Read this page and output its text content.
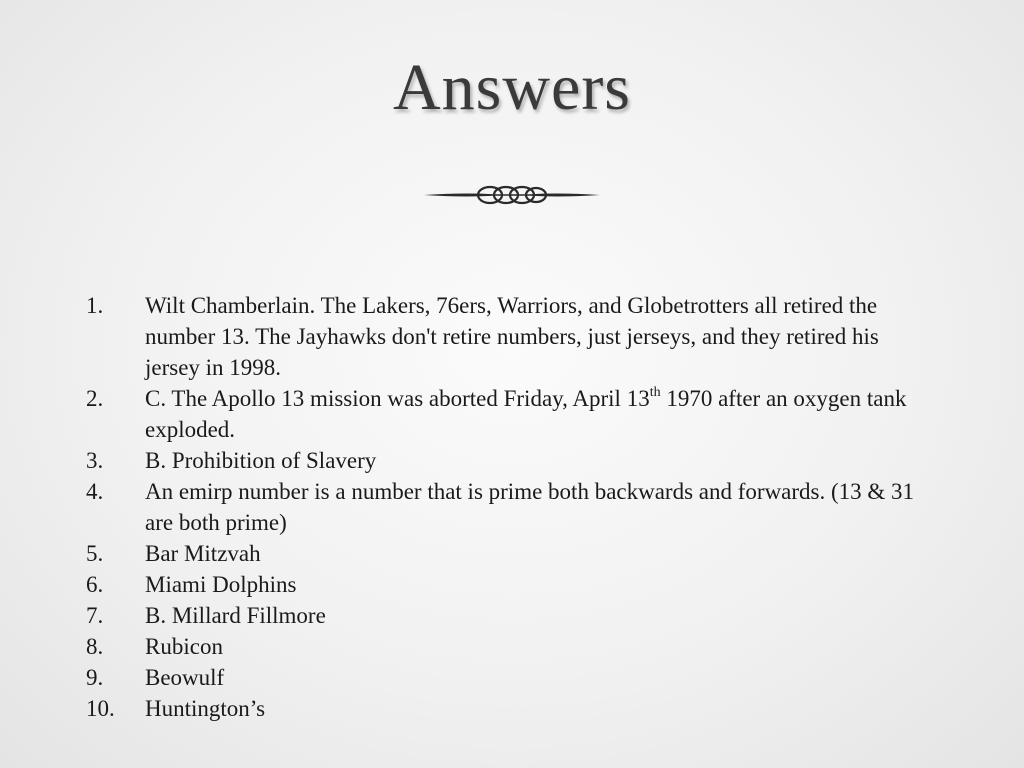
Answers
1. Wilt Chamberlain. The Lakers, 76ers, Warriors, and Globetrotters all retired the number 13. The Jayhawks don't retire numbers, just jerseys, and they retired his jersey in 1998.
2. C. The Apollo 13 mission was aborted Friday, April 13th 1970 after an oxygen tank exploded.
3. B. Prohibition of Slavery
4. An emirp number is a number that is prime both backwards and forwards. (13 & 31 are both prime)
5. Bar Mitzvah
6. Miami Dolphins
7. B. Millard Fillmore
8. Rubicon
9. Beowulf
10. Huntington’s
